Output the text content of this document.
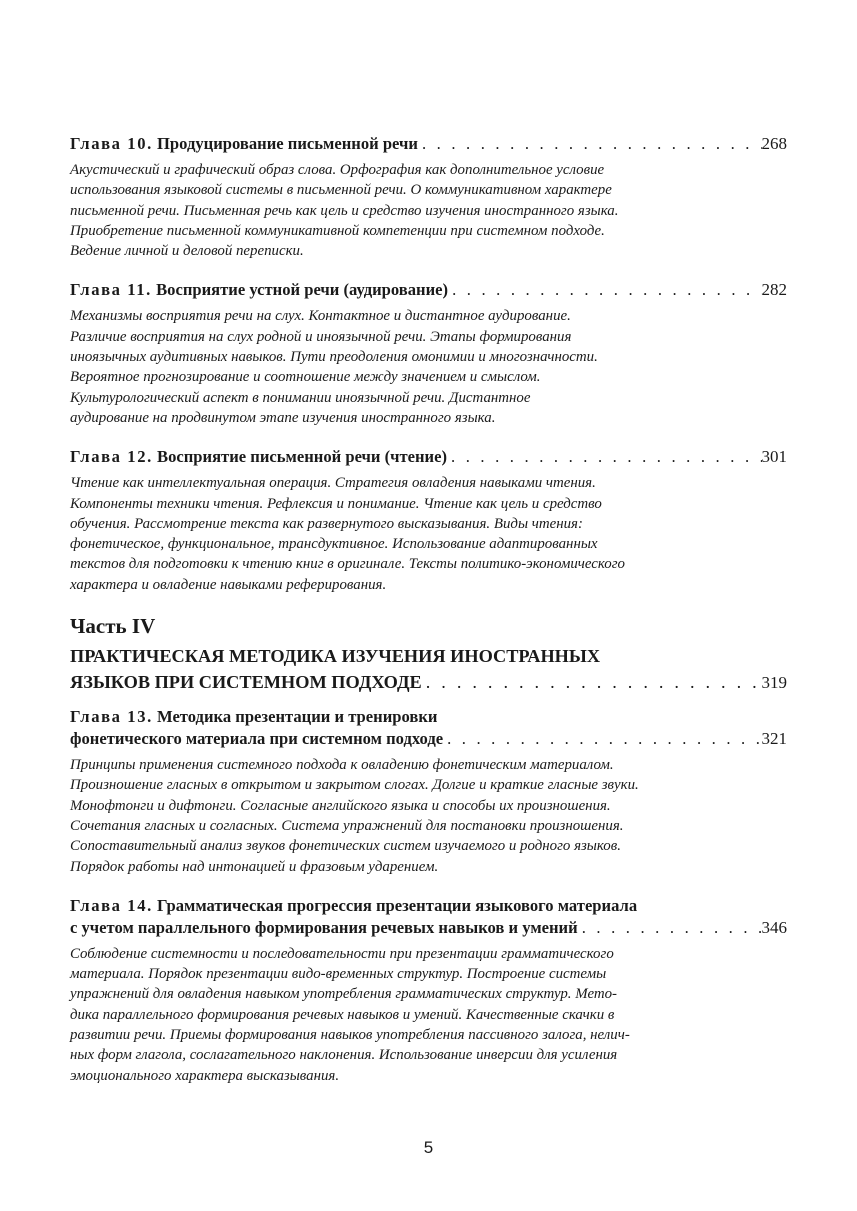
Глава 10. Продуцирование письменной речи . . .	268
Акустический и графический образ слова. Орфография как дополнительное условие
использования языковой системы в письменной речи. О коммуникативном характере
письменной речи. Письменная речь как цель и средство изучения иностранного языка.
Приобретение письменной коммуникативной компетенции при системном подходе.
Ведение личной и деловой переписки.
Глава 11. Восприятие устной речи (аудирование) . . .	282
Механизмы восприятия речи на слух. Контактное и дистантное аудирование.
Различие восприятия на слух родной и иноязычной речи. Этапы формирования
иноязычных аудитивных навыков. Пути преодоления омонимии и многозначности.
Вероятное прогнозирование и соотношение между значением и смыслом.
Культурологический аспект в понимании иноязычной речи. Дистантное
аудирование на продвинутом этапе изучения иностранного языка.
Глава 12. Восприятие письменной речи (чтение) . . .	301
Чтение как интеллектуальная операция. Стратегия овладения навыками чтения.
Компоненты техники чтения. Рефлексия и понимание. Чтение как цель и средство
обучения. Рассмотрение текста как развернутого высказывания. Виды чтения:
фонетическое, функциональное, трансдуктивное. Использование адаптированных
текстов для подготовки к чтению книг в оригинале. Тексты политико-экономического
характера и овладение навыками реферирования.
Часть IV
ПРАКТИЧЕСКАЯ МЕТОДИКА ИЗУЧЕНИЯ ИНОСТРАННЫХ
ЯЗЫКОВ ПРИ СИСТЕМНОМ ПОДХОДЕ . . .	319
Глава 13. Методика презентации и тренировки
фонетического материала при системном подходе . . .	321
Принципы применения системного подхода к овладению фонетическим материалом.
Произношение гласных в открытом и закрытом слогах. Долгие и краткие гласные звуки.
Монофтонги и дифтонги. Согласные английского языка и способы их произношения.
Сочетания гласных и согласных. Система упражнений для постановки произношения.
Сопоставительный анализ звуков фонетических систем изучаемого и родного языков.
Порядок работы над интонацией и фразовым ударением.
Глава 14. Грамматическая прогрессия презентации языкового материала
с учетом параллельного формирования речевых навыков и умений . . .	346
Соблюдение системности и последовательности при презентации грамматического
материала. Порядок презентации видо-временных структур. Построение системы
упражнений для овладения навыком употребления грамматических структур. Мето-
дика параллельного формирования речевых навыков и умений. Качественные скачки в
развитии речи. Приемы формирования навыков употребления пассивного залога, нелич-
ных форм глагола, сослагательного наклонения. Использование инверсии для усиления
эмоционального характера высказывания.
5
